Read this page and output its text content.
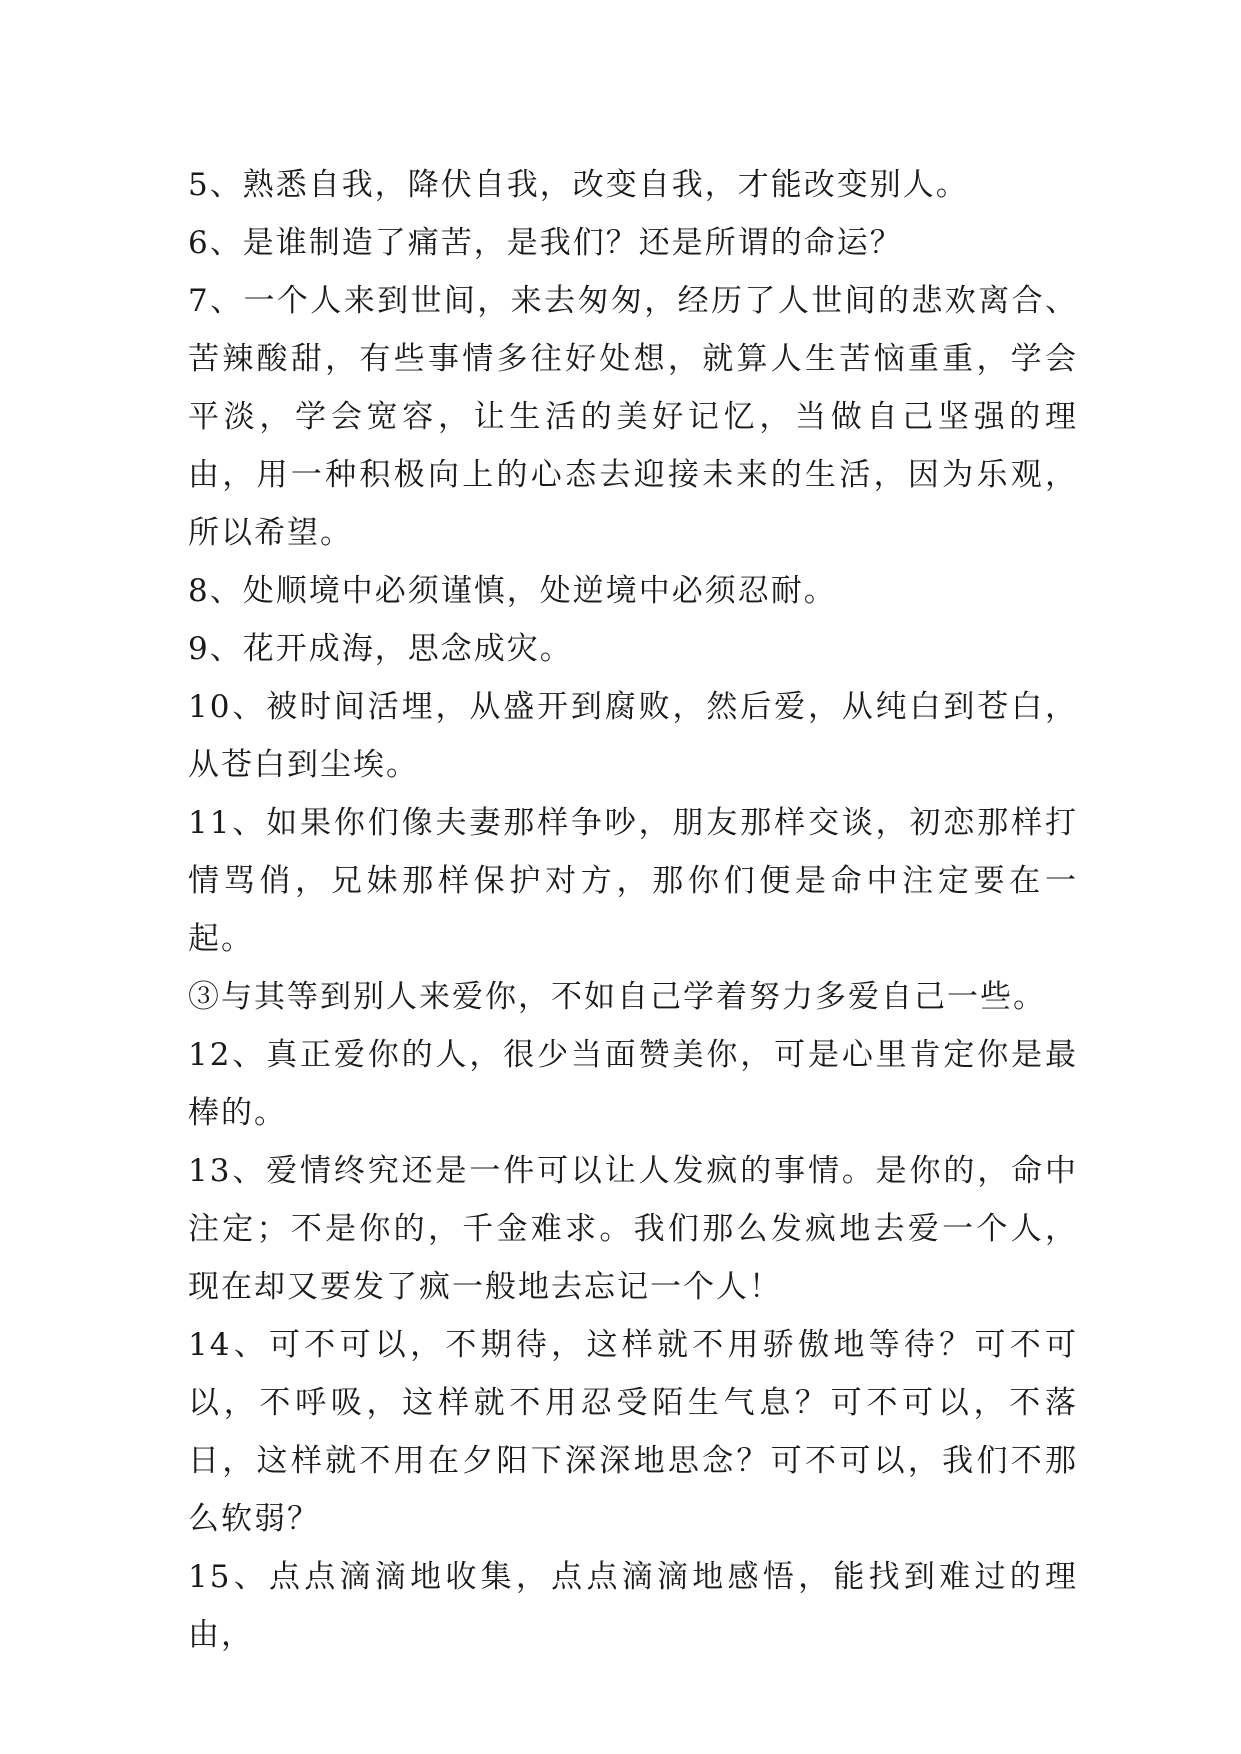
5、熟悉自我，降伏自我，改变自我，才能改变别人。

6、是谁制造了痛苦，是我们？还是所谓的命运？

7、一个人来到世间，来去匆匆，经历了人世间的悲欢离合、苦辣酸甜，有些事情多往好处想，就算人生苦恼重重，学会平淡，学会宽容，让生活的美好记忆，当做自己坚强的理由，用一种积极向上的心态去迎接未来的生活，因为乐观，所以希望。

8、处顺境中必须谨慎，处逆境中必须忍耐。

9、花开成海，思念成灾。

10、被时间活埋，从盛开到腐败，然后爱，从纯白到苍白，从苍白到尘埃。

11、如果你们像夫妻那样争吵，朋友那样交谈，初恋那样打情骂俏，兄妹那样保护对方，那你们便是命中注定要在一起。

③与其等到别人来爱你，不如自己学着努力多爱自己一些。

12、真正爱你的人，很少当面赞美你，可是心里肯定你是最棒的。

13、爱情终究还是一件可以让人发疯的事情。是你的，命中注定；不是你的，千金难求。我们那么发疯地去爱一个人，现在却又要发了疯一般地去忘记一个人！

14、可不可以，不期待，这样就不用骄傲地等待？可不可以，不呼吸，这样就不用忍受陌生气息？可不可以，不落日，这样就不用在夕阳下深深地思念？可不可以，我们不那么软弱？

15、点点滴滴地收集，点点滴滴地感悟，能找到难过的理由，
